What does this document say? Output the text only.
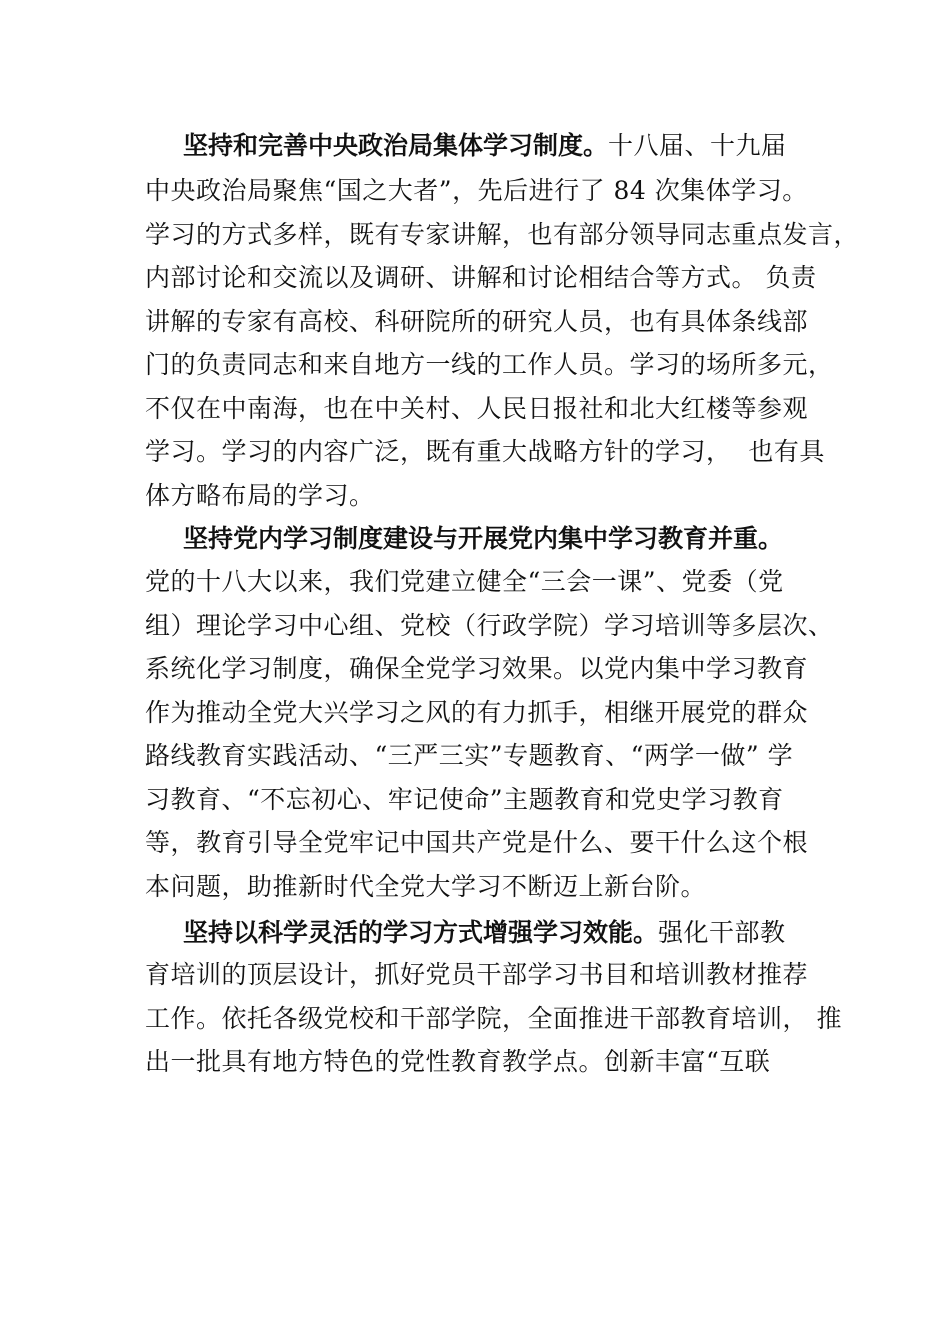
坚持和完善中央政治局集体学习制度。十八届、十九届
中央政治局聚焦“国之大者”，先后进行了 84 次集体学习。
学习的方式多样，既有专家讲解，也有部分领导同志重点发言，
内部讨论和交流以及调研、讲解和讨论相结合等方式。 负责
讲解的专家有高校、科研院所的研究人员，也有具体条线部
门的负责同志和来自地方一线的工作人员。学习的场所多元，
不仅在中南海，也在中关村、人民日报社和北大红楼等参观
学习。学习的内容广泛，既有重大战略方针的学习，  也有具
体方略布局的学习。
坚持党内学习制度建设与开展党内集中学习教育并重。
党的十八大以来，我们党建立健全“三会一课”、党委（党
组）理论学习中心组、党校（行政学院）学习培训等多层次、
系统化学习制度，确保全党学习效果。以党内集中学习教育
作为推动全党大兴学习之风的有力抓手，相继开展党的群众
路线教育实践活动、“三严三实”专题教育、“两学一做” 学
习教育、“不忘初心、牢记使命”主题教育和党史学习教育
等，教育引导全党牢记中国共产党是什么、要干什么这个根
本问题，助推新时代全党大学习不断迈上新台阶。
坚持以科学灵活的学习方式增强学习效能。强化干部教
育培训的顶层设计，抓好党员干部学习书目和培训教材推荐
工作。依托各级党校和干部学院，全面推进干部教育培训， 推
出一批具有地方特色的党性教育教学点。创新丰富“互联
